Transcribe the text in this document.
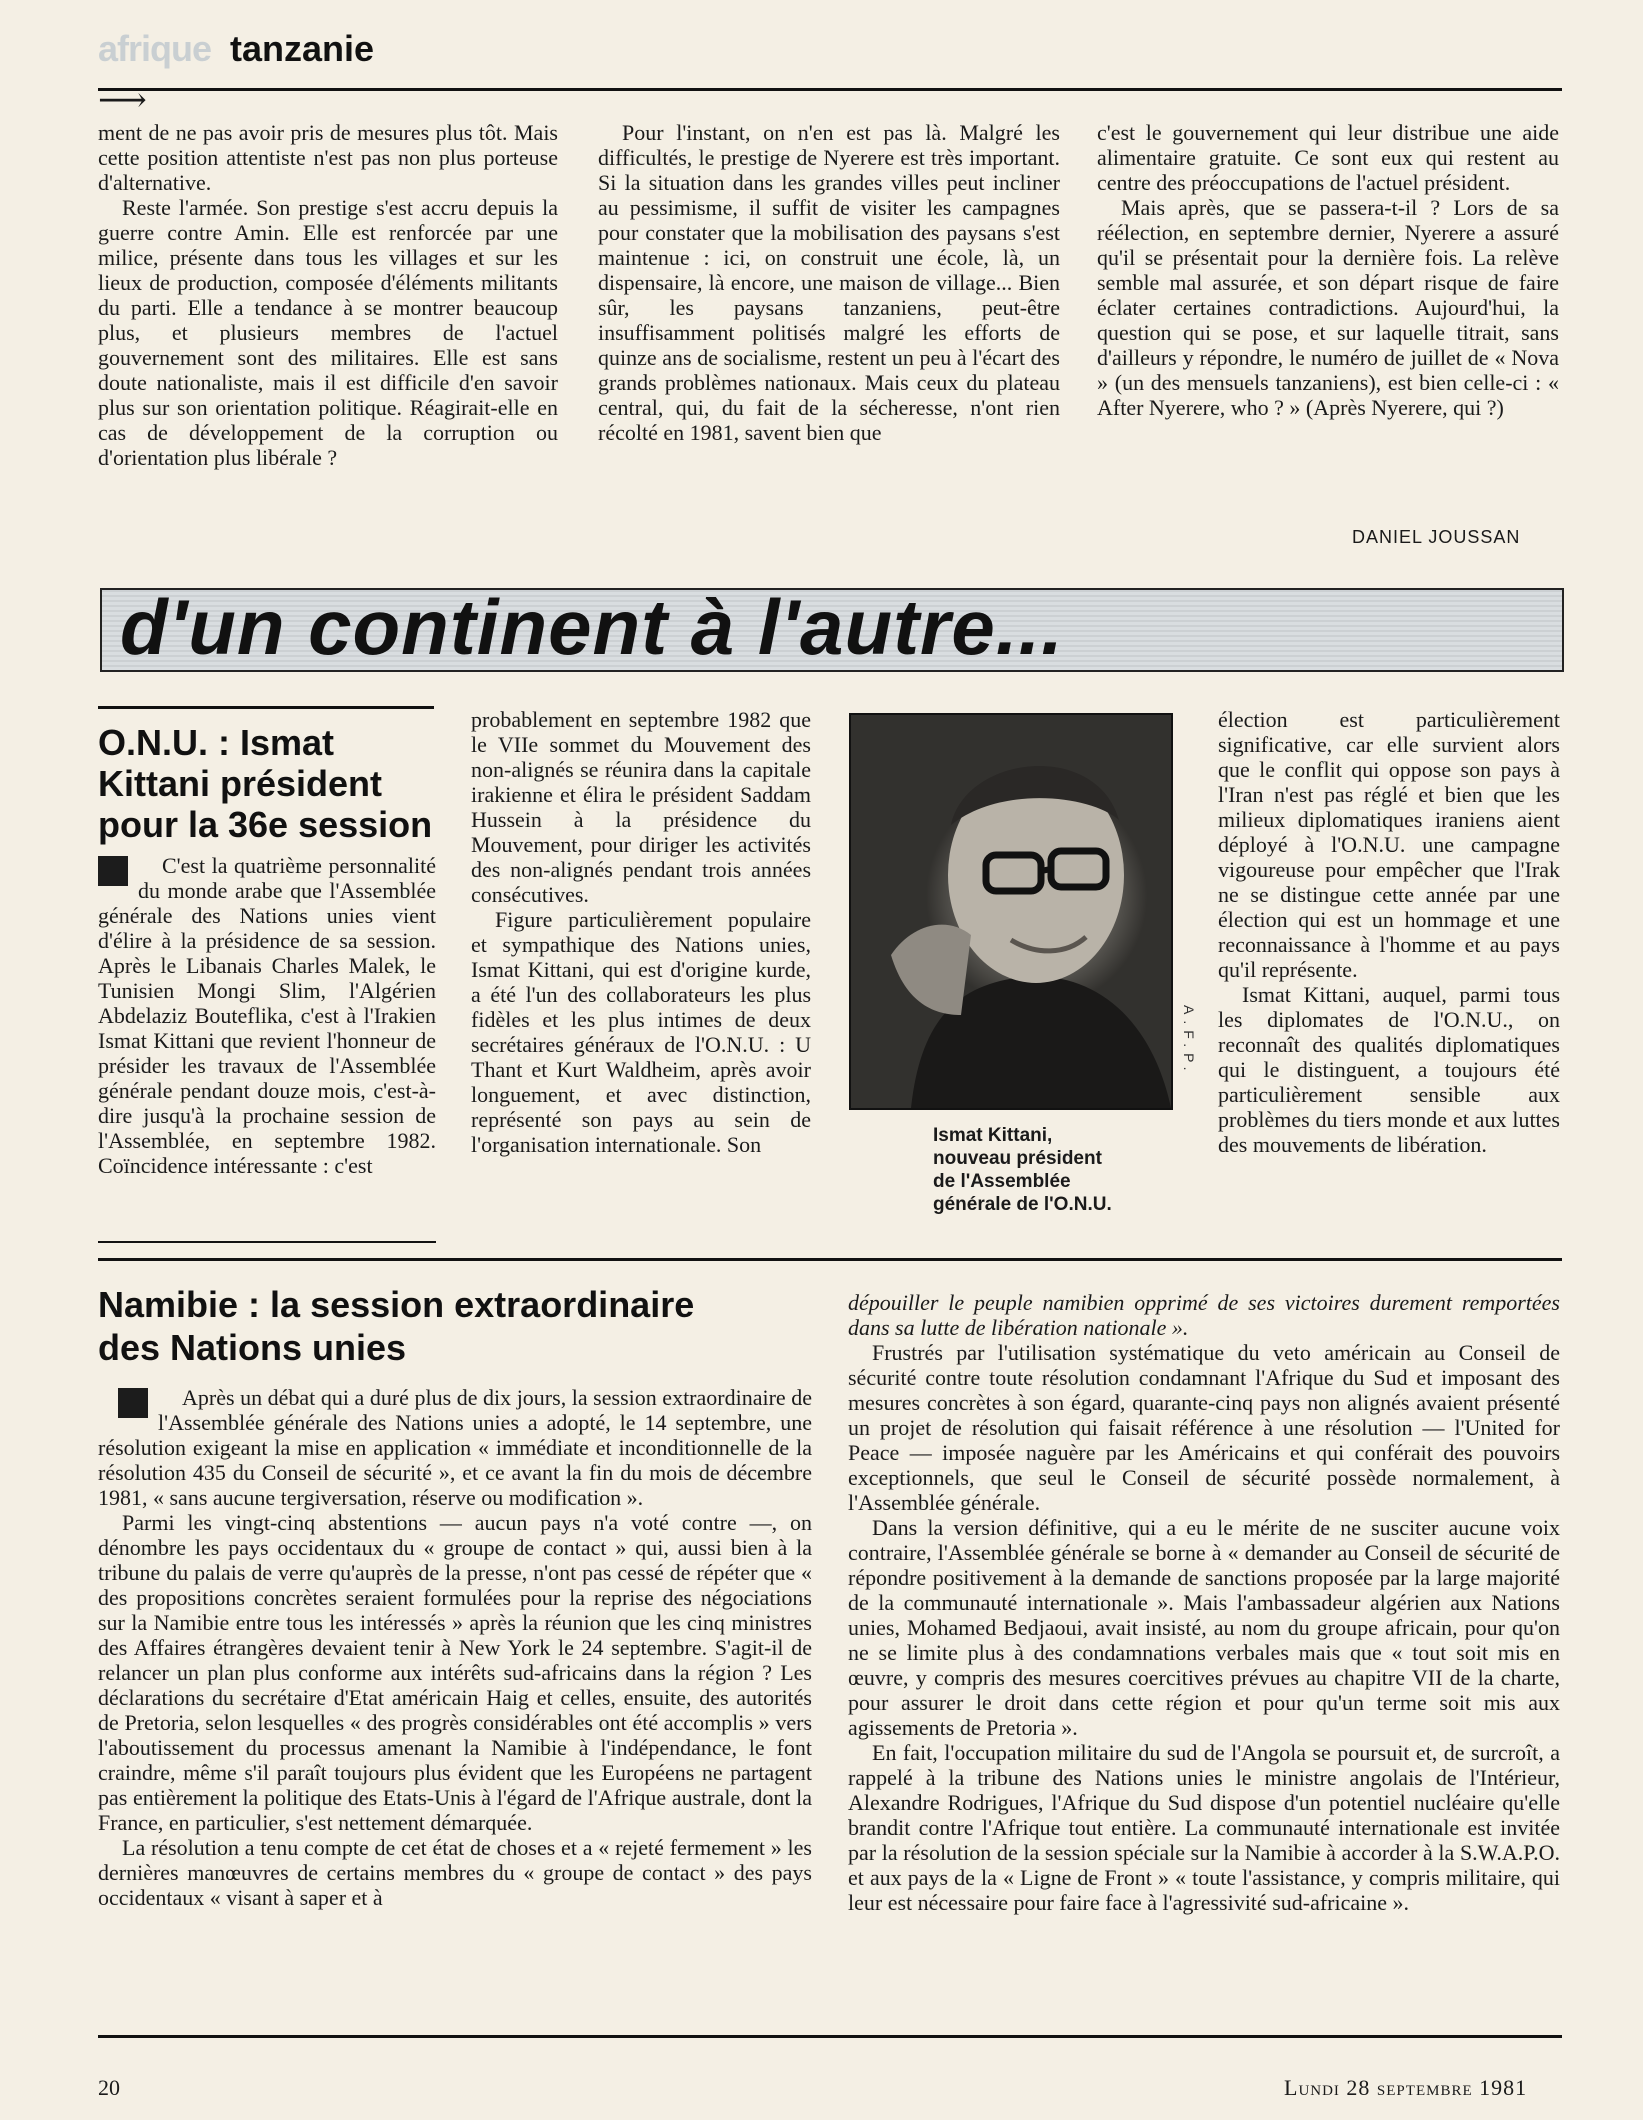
afrique tanzanie
⟶

ment de ne pas avoir pris de mesures plus tôt. Mais cette position attentiste n'est pas non plus porteuse d'alternative.

Reste l'armée. Son prestige s'est accru depuis la guerre contre Amin. Elle est renforcée par une milice, présente dans tous les villages et sur les lieux de production, composée d'éléments militants du parti. Elle a tendance à se montrer beaucoup plus, et plusieurs membres de l'actuel gouvernement sont des militaires. Elle est sans doute nationaliste, mais il est difficile d'en savoir plus sur son orientation politique. Réagirait-elle en cas de développement de la corruption ou d'orientation plus libérale ?

Pour l'instant, on n'en est pas là. Malgré les difficultés, le prestige de Nyerere est très important. Si la situation dans les grandes villes peut incliner au pessimisme, il suffit de visiter les campagnes pour constater que la mobilisation des paysans s'est maintenue : ici, on construit une école, là, un dispensaire, là encore, une maison de village... Bien sûr, les paysans tanzaniens, peut-être insuffisamment politisés malgré les efforts de quinze ans de socialisme, restent un peu à l'écart des grands problèmes nationaux. Mais ceux du plateau central, qui, du fait de la sécheresse, n'ont rien récolté en 1981, savent bien que

c'est le gouvernement qui leur distribue une aide alimentaire gratuite. Ce sont eux qui restent au centre des préoccupations de l'actuel président.

Mais après, que se passera-t-il ? Lors de sa réélection, en septembre dernier, Nyerere a assuré qu'il se présentait pour la dernière fois. La relève semble mal assurée, et son départ risque de faire éclater certaines contradictions. Aujourd'hui, la question qui se pose, et sur laquelle titrait, sans d'ailleurs y répondre, le numéro de juillet de « Nova » (un des mensuels tanzaniens), est bien celle-ci : « After Nyerere, who ? » (Après Nyerere, qui ?)

DANIEL JOUSSAN
d'un continent à l'autre...
O.N.U. : Ismat
Kittani président
pour la 36e session

C'est la quatrième personnalité du monde arabe que l'Assemblée générale des Nations unies vient d'élire à la présidence de sa session. Après le Libanais Charles Malek, le Tunisien Mongi Slim, l'Algérien Abdelaziz Bouteflika, c'est à l'Irakien Ismat Kittani que revient l'honneur de présider les travaux de l'Assemblée générale pendant douze mois, c'est-à-dire jusqu'à la prochaine session de l'Assemblée, en septembre 1982. Coïncidence intéressante : c'est

probablement en septembre 1982 que le VIIe sommet du Mouvement des non-alignés se réunira dans la capitale irakienne et élira le président Saddam Hussein à la présidence du Mouvement, pour diriger les activités des non-alignés pendant trois années consécutives.

Figure particulièrement populaire et sympathique des Nations unies, Ismat Kittani, qui est d'origine kurde, a été l'un des collaborateurs les plus fidèles et les plus intimes de deux secrétaires généraux de l'O.N.U. : U Thant et Kurt Waldheim, après avoir longuement, et avec distinction, représenté son pays au sein de l'organisation internationale. Son

A.F.P.
Ismat Kittani,
nouveau président
de l'Assemblée
générale de l'O.N.U.

élection est particulièrement significative, car elle survient alors que le conflit qui oppose son pays à l'Iran n'est pas réglé et bien que les milieux diplomatiques iraniens aient déployé à l'O.N.U. une campagne vigoureuse pour empêcher que l'Irak ne se distingue cette année par une élection qui est un hommage et une reconnaissance à l'homme et au pays qu'il représente.

Ismat Kittani, auquel, parmi tous les diplomates de l'O.N.U., on reconnaît des qualités diplomatiques qui le distinguent, a toujours été particulièrement sensible aux problèmes du tiers monde et aux luttes des mouvements de libération.

Namibie : la session extraordinaire
des Nations unies

Après un débat qui a duré plus de dix jours, la session extraordinaire de l'Assemblée générale des Nations unies a adopté, le 14 septembre, une résolution exigeant la mise en application « immédiate et inconditionnelle de la résolution 435 du Conseil de sécurité », et ce avant la fin du mois de décembre 1981, « sans aucune tergiversation, réserve ou modification ».

Parmi les vingt-cinq abstentions — aucun pays n'a voté contre —, on dénombre les pays occidentaux du « groupe de contact » qui, aussi bien à la tribune du palais de verre qu'auprès de la presse, n'ont pas cessé de répéter que « des propositions concrètes seraient formulées pour la reprise des négociations sur la Namibie entre tous les intéressés » après la réunion que les cinq ministres des Affaires étrangères devaient tenir à New York le 24 septembre. S'agit-il de relancer un plan plus conforme aux intérêts sud-africains dans la région ? Les déclarations du secrétaire d'Etat américain Haig et celles, ensuite, des autorités de Pretoria, selon lesquelles « des progrès considérables ont été accomplis » vers l'aboutissement du processus amenant la Namibie à l'indépendance, le font craindre, même s'il paraît toujours plus évident que les Européens ne partagent pas entièrement la politique des Etats-Unis à l'égard de l'Afrique australe, dont la France, en particulier, s'est nettement démarquée.

La résolution a tenu compte de cet état de choses et a « rejeté fermement » les dernières manœuvres de certains membres du « groupe de contact » des pays occidentaux « visant à saper et à

dépouiller le peuple namibien opprimé de ses victoires durement remportées dans sa lutte de libération nationale ».

Frustrés par l'utilisation systématique du veto américain au Conseil de sécurité contre toute résolution condamnant l'Afrique du Sud et imposant des mesures concrètes à son égard, quarante-cinq pays non alignés avaient présenté un projet de résolution qui faisait référence à une résolution — l'United for Peace — imposée naguère par les Américains et qui conférait des pouvoirs exceptionnels, que seul le Conseil de sécurité possède normalement, à l'Assemblée générale.

Dans la version définitive, qui a eu le mérite de ne susciter aucune voix contraire, l'Assemblée générale se borne à « demander au Conseil de sécurité de répondre positivement à la demande de sanctions proposée par la large majorité de la communauté internationale ». Mais l'ambassadeur algérien aux Nations unies, Mohamed Bedjaoui, avait insisté, au nom du groupe africain, pour qu'on ne se limite plus à des condamnations verbales mais que « tout soit mis en œuvre, y compris des mesures coercitives prévues au chapitre VII de la charte, pour assurer le droit dans cette région et pour qu'un terme soit mis aux agissements de Pretoria ».

En fait, l'occupation militaire du sud de l'Angola se poursuit et, de surcroît, a rappelé à la tribune des Nations unies le ministre angolais de l'Intérieur, Alexandre Rodrigues, l'Afrique du Sud dispose d'un potentiel nucléaire qu'elle brandit contre l'Afrique tout entière. La communauté internationale est invitée par la résolution de la session spéciale sur la Namibie à accorder à la S.W.A.P.O. et aux pays de la « Ligne de Front » « toute l'assistance, y compris militaire, qui leur est nécessaire pour faire face à l'agressivité sud-africaine ».

20	Lundi 28 septembre 1981
